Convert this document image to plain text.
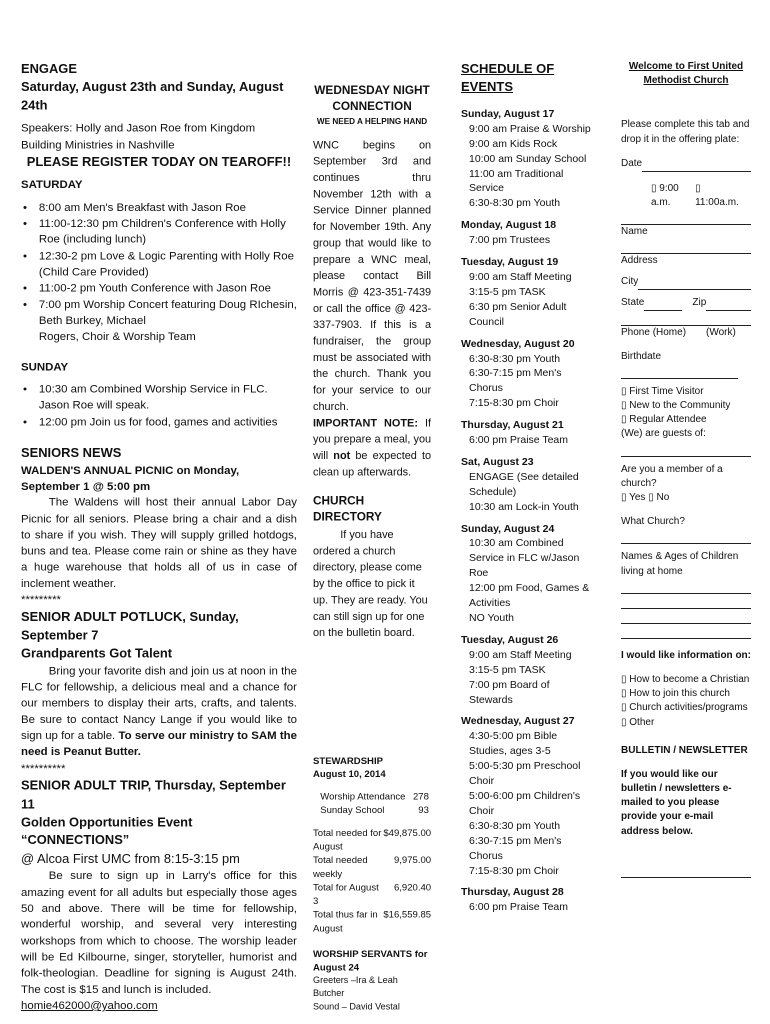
ENGAGE
Saturday, August 23th and Sunday, August 24th

Speakers: Holly and Jason Roe from Kingdom Building Ministries in Nashville

PLEASE REGISTER TODAY ON TEAROFF!!
SATURDAY
• 8:00 am Men's Breakfast with Jason Roe
• 11:00-12:30 pm Children's Conference with Holly Roe (including lunch)
• 12:30-2 pm Love & Logic Parenting with Holly Roe (Child Care Provided)
• 11:00-2 pm Youth Conference with Jason Roe
• 7:00 pm Worship Concert featuring Doug RIchesin, Beth Burkey, Michael
Rogers, Choir & Worship Team
SUNDAY
• 10:30 am Combined Worship Service in FLC. Jason Roe will speak.
• 12:00 pm Join us for food, games and activities
SENIORS NEWS
WALDEN'S ANNUAL PICNIC on Monday, September 1 @ 5:00 pm

The Waldens will host their annual Labor Day Picnic for all seniors. Please bring a chair and a dish to share if you wish. They will supply grilled hotdogs, buns and tea. Please come rain or shine as they have a huge warehouse that holds all of us in case of inclement weather.

*********
SENIOR ADULT POTLUCK, Sunday, September 7
Grandparents Got Talent

Bring your favorite dish and join us at noon in the FLC for fellowship, a delicious meal and a chance for our members to display their arts, crafts, and talents. Be sure to contact Nancy Lange if you would like to sign up for a table. To serve our ministry to SAM the need is Peanut Butter.

**********
SENIOR ADULT TRIP, Thursday, September 11
Golden Opportunities Event “CONNECTIONS”
@ Alcoa First UMC from 8:15-3:15 pm

Be sure to sign up in Larry's office for this amazing event for all adults but especially those ages 50 and above. There will be time for fellowship, wonderful worship, and several very interesting workshops from which to choose. The worship leader will be Ed Kilbourne, singer, storyteller, humorist and folk-theologian. Deadline for signing is August 24th. The cost is $15 and lunch is included.

homie462000@yahoo.com
WEDNESDAY NIGHT CONNECTION
WE NEED A HELPING HAND

WNC begins on September 3rd and continues thru November 12th with a Service Dinner planned for November 19th. Any group that would like to prepare a WNC meal, please contact Bill Morris @ 423-351-7439 or call the office @ 423-337-7903. If this is a fundraiser, the group must be associated with the church. Thank you for your service to our church.

IMPORTANT NOTE: If you prepare a meal, you will not be expected to clean up afterwards.

CHURCH DIRECTORY

If you have ordered a church directory, please come by the office to pick it up. They are ready. You can still sign up for one on the bulletin board.

STEWARDSHIP
August 10, 2014
Worship Attendance	278
Sunday School	93
Total needed for August	$49,875.00
Total needed weekly	9,975.00
Total for August 3	6,920.40
Total thus far in August	$16,559.85
WORSHIP SERVANTS for August 24
Greeters –Ira & Leah Butcher
Sound – David Vestal
SCHEDULE OF EVENTS
Sunday, August 17
9:00 am Praise & Worship
9:00 am Kids Rock
10:00 am Sunday School
11:00 am Traditional Service
6:30-8:30 pm Youth
Monday, August 18
7:00 pm Trustees
Tuesday, August 19
9:00 am Staff Meeting
3:15-5 pm TASK
6:30 pm Senior Adult Council
Wednesday, August 20
6:30-8:30 pm Youth
6:30-7:15 pm Men's Chorus
7:15-8:30 pm Choir
Thursday, August 21
6:00 pm Praise Team
Sat, August 23
ENGAGE (See detailed Schedule)
10:30 am Lock-in Youth
Sunday, August 24
10:30 am Combined Service in FLC w/Jason Roe
12:00 pm Food, Games & Activities
NO Youth
Tuesday, August 26
9:00 am Staff Meeting
3:15-5 pm TASK
7:00 pm Board of Stewards
Wednesday, August 27
4:30-5:00 pm Bible Studies, ages 3-5
5:00-5:30 pm Preschool Choir
5:00-6:00 pm Children's Choir
6:30-8:30 pm Youth
6:30-7:15 pm Men's Chorus
7:15-8:30 pm Choir
Thursday, August 28
6:00 pm Praise Team
Welcome to First United Methodist Church

Please complete this tab and drop it in the offering plate:

Date
▯ 9:00 a.m.	▯ 11:00a.m.
Name
Address
City
State	Zip
Phone (Home) (Work)
Birthdate
▯ First Time Visitor
▯ New to the Community
▯ Regular Attendee
(We) are guests of:
Are you a member of a church?
▯ Yes ▯ No
What Church?
Names & Ages of Children living at home
I would like information on:
▯ How to become a Christian
▯ How to join this church
▯ Church activities/programs
▯ Other
BULLETIN / NEWSLETTER

If you would like our bulletin / newsletters e-mailed to you please provide your e-mail address below.
